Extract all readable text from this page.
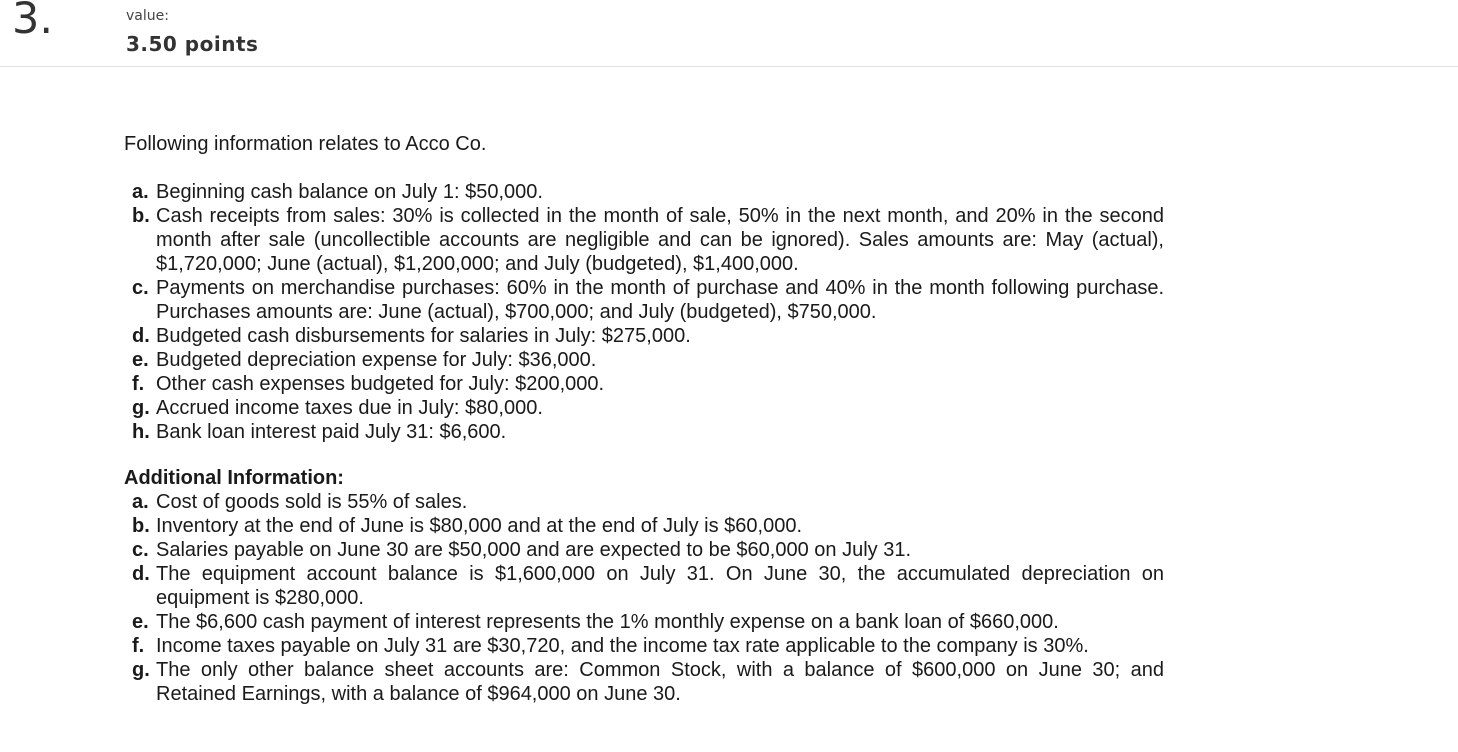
3.	value:
3.50 points

Following information relates to Acco Co.

a. Beginning cash balance on July 1: $50,000.
b. Cash receipts from sales: 30% is collected in the month of sale, 50% in the next month, and 20% in the second month after sale (uncollectible accounts are negligible and can be ignored). Sales amounts are: May (actual), $1,720,000; June (actual), $1,200,000; and July (budgeted), $1,400,000.
c. Payments on merchandise purchases: 60% in the month of purchase and 40% in the month following purchase. Purchases amounts are: June (actual), $700,000; and July (budgeted), $750,000.
d. Budgeted cash disbursements for salaries in July: $275,000.
e. Budgeted depreciation expense for July: $36,000.
f. Other cash expenses budgeted for July: $200,000.
g. Accrued income taxes due in July: $80,000.
h. Bank loan interest paid July 31: $6,600.
Additional Information:
a. Cost of goods sold is 55% of sales.
b. Inventory at the end of June is $80,000 and at the end of July is $60,000.
c. Salaries payable on June 30 are $50,000 and are expected to be $60,000 on July 31.
d. The equipment account balance is $1,600,000 on July 31. On June 30, the accumulated depreciation on equipment is $280,000.
e. The $6,600 cash payment of interest represents the 1% monthly expense on a bank loan of $660,000.
f. Income taxes payable on July 31 are $30,720, and the income tax rate applicable to the company is 30%.
g. The only other balance sheet accounts are: Common Stock, with a balance of $600,000 on June 30; and Retained Earnings, with a balance of $964,000 on June 30.
